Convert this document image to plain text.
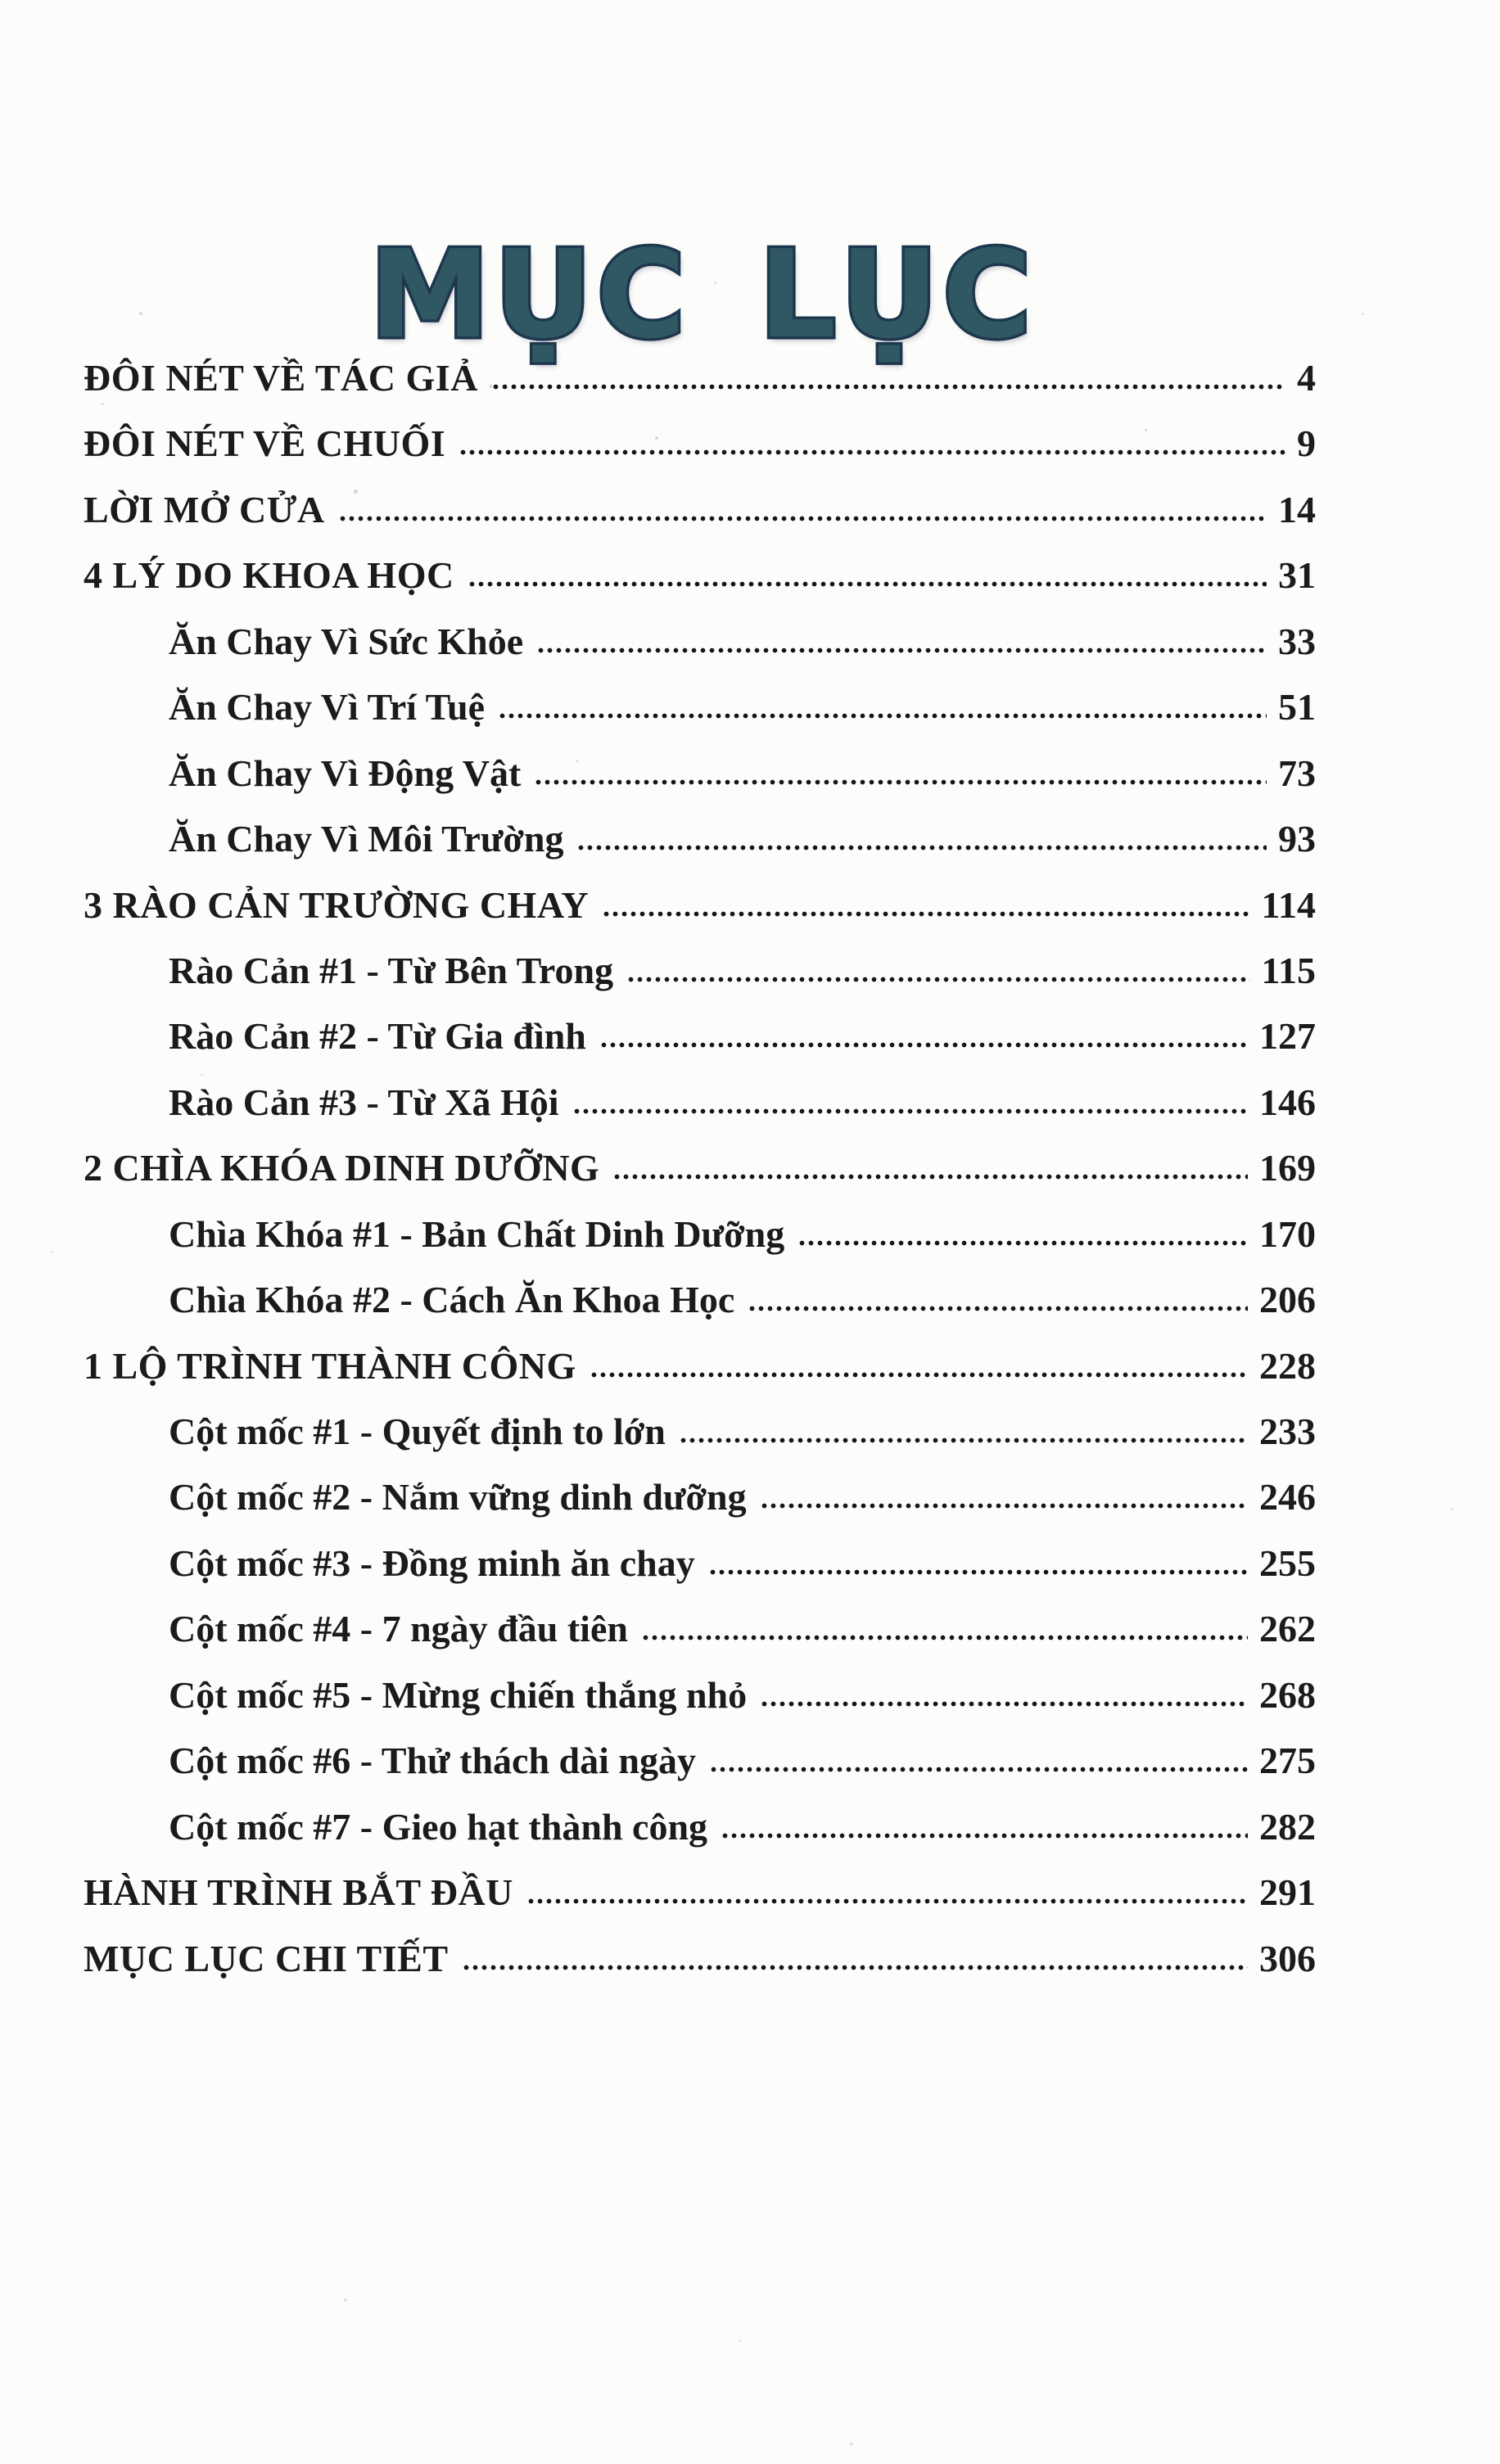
MỤC LỤC
ĐÔI NÉT VỀ TÁC GIẢ	4
ĐÔI NÉT VỀ CHUỐI	9
LỜI MỞ CỬA	14
4 LÝ DO KHOA HỌC	31
Ăn Chay Vì Sức Khỏe	33
Ăn Chay Vì Trí Tuệ	51
Ăn Chay Vì Động Vật	73
Ăn Chay Vì Môi Trường	93
3 RÀO CẢN TRƯỜNG CHAY	114
Rào Cản #1 - Từ Bên Trong	115
Rào Cản #2 - Từ Gia đình	127
Rào Cản #3 - Từ Xã Hội	146
2 CHÌA KHÓA DINH DƯỠNG	169
Chìa Khóa #1 - Bản Chất Dinh Dưỡng	170
Chìa Khóa #2 - Cách Ăn Khoa Học	206
1 LỘ TRÌNH THÀNH CÔNG	228
Cột mốc #1 - Quyết định to lớn	233
Cột mốc #2 - Nắm vững dinh dưỡng	246
Cột mốc #3 - Đồng minh ăn chay	255
Cột mốc #4 - 7 ngày đầu tiên	262
Cột mốc #5 - Mừng chiến thắng nhỏ	268
Cột mốc #6 - Thử thách dài ngày	275
Cột mốc #7 - Gieo hạt thành công	282
HÀNH TRÌNH BẮT ĐẦU	291
MỤC LỤC CHI TIẾT	306
